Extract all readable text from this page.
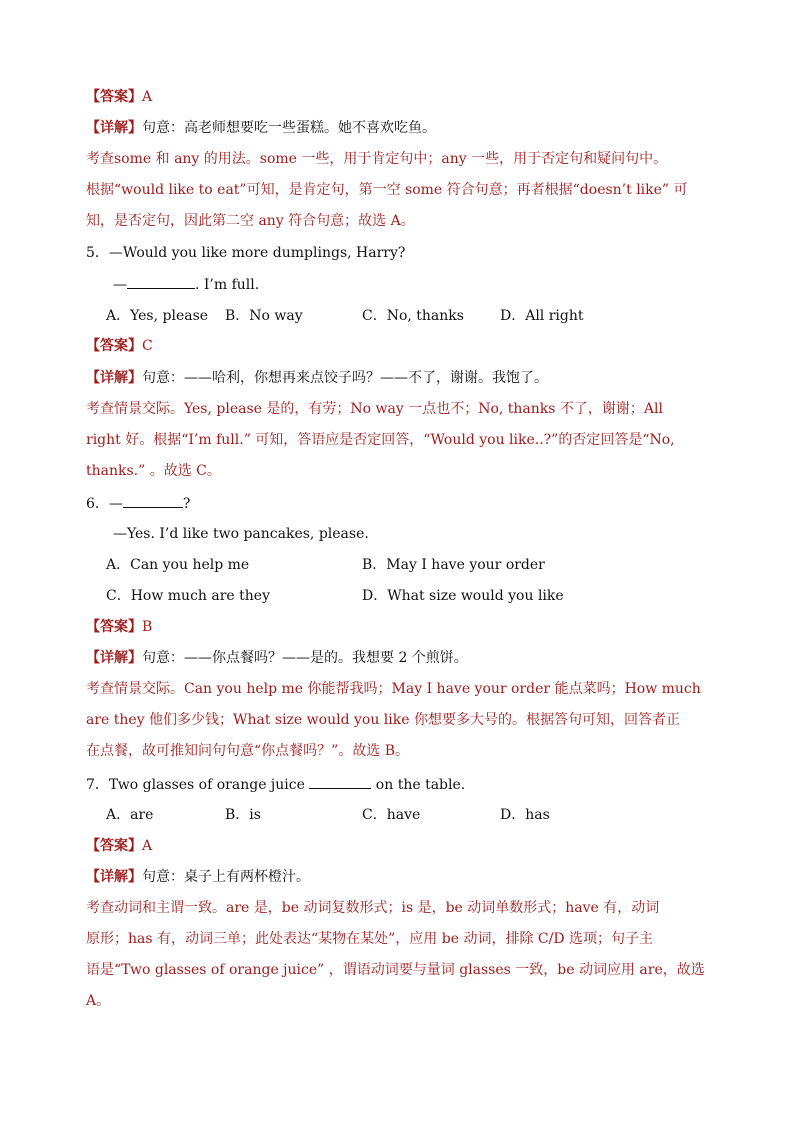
【答案】A
【详解】句意：高老师想要吃一些蛋糕。她不喜欢吃鱼。
考查some 和 any 的用法。some 一些，用于肯定句中；any 一些，用于否定句和疑问句中。
根据“would like to eat”可知，是肯定句，第一空 some 符合句意；再者根据“doesn’t like” 可
知，是否定句，因此第二空 any 符合句意；故选 A。
5．—Would you like more dumplings, Harry?
—	. I’m full.
A．Yes, please B．No way	C．No, thanks	D．All right
【答案】C
【详解】句意：——哈利，你想再来点饺子吗？——不了，谢谢。我饱了。
考查情景交际。Yes, please 是的，有劳；No way 一点也不；No, thanks 不了，谢谢；All
right 好。根据“I’m full.” 可知，答语应是否定回答，“Would you like..?”的否定回答是“No,
thanks.” 。故选 C。
6．—	?
—Yes. I’d like two pancakes, please.
A．Can you help me	B．May I have your order
C．How much are they	D．What size would you like
【答案】B
【详解】句意：——你点餐吗？——是的。我想要 2 个煎饼。
考查情景交际。Can you help me 你能帮我吗；May I have your order 能点菜吗；How much
are they 他们多少钱；What size would you like 你想要多大号的。根据答句可知，回答者正
在点餐，故可推知问句句意“你点餐吗？”。故选 B。
7．Two glasses of orange juice	on the table.
A．are	B．is	C．have	D．has
【答案】A
【详解】句意：桌子上有两杯橙汁。
考查动词和主谓一致。are 是，be 动词复数形式；is 是，be 动词单数形式；have 有，动词
原形；has 有，动词三单；此处表达“某物在某处”，应用 be 动词，排除 C/D 选项；句子主
语是“Two glasses of orange juice” ，谓语动词要与量词 glasses 一致，be 动词应用 are，故选
A。
